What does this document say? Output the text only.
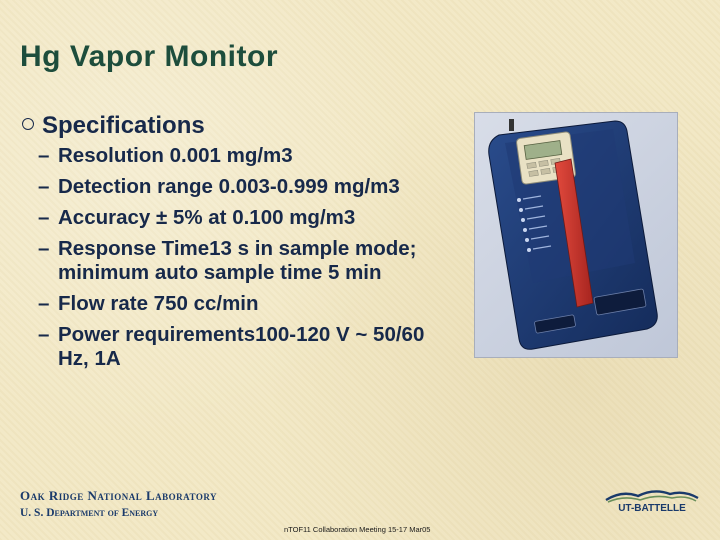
Hg Vapor Monitor
Specifications
– Resolution 0.001 mg/m3
– Detection range 0.003-0.999 mg/m3
– Accuracy ± 5% at 0.100 mg/m3
– Response Time13 s in sample mode; minimum auto sample time 5 min
– Flow rate 750 cc/min
– Power requirements100-120 V ~ 50/60 Hz, 1A
Oak Ridge National Laboratory
U. S. Department of Energy
nTOF11 Collaboration Meeting 15-17 Mar05
UT-BATTELLE
